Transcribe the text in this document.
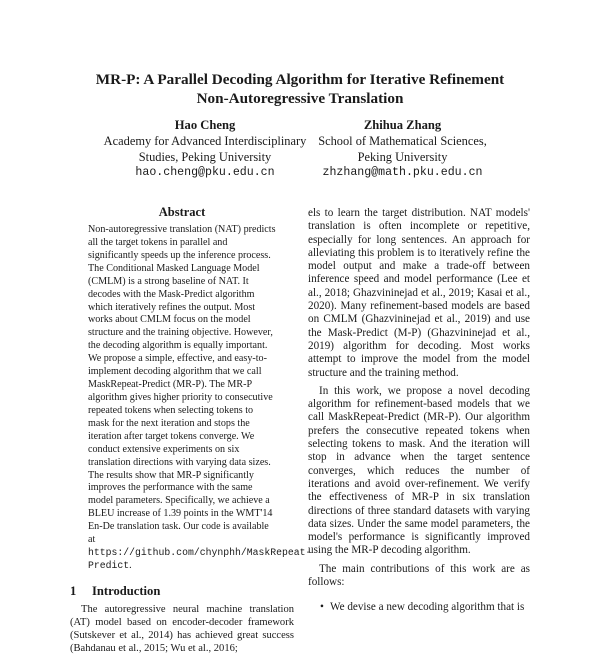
MR-P: A Parallel Decoding Algorithm for Iterative Refinement
Non-Autoregressive Translation
Hao Cheng
Academy for Advanced Interdisciplinary
Studies, Peking University
hao.cheng@pku.edu.cn
Zhihua Zhang
School of Mathematical Sciences,
Peking University
zhzhang@math.pku.edu.cn

Abstract

Non-autoregressive translation (NAT) predicts all the target tokens in parallel and significantly speeds up the inference process. The Conditional Masked Language Model (CMLM) is a strong baseline of NAT. It decodes with the Mask-Predict algorithm which iteratively refines the output. Most works about CMLM focus on the model structure and the training objective. However, the decoding algorithm is equally important. We propose a simple, effective, and easy-to-implement decoding algorithm that we call MaskRepeat-Predict (MR-P). The MR-P algorithm gives higher priority to consecutive repeated tokens when selecting tokens to mask for the next iteration and stops the iteration after target tokens converge. We conduct extensive experiments on six translation directions with varying data sizes. The results show that MR-P significantly improves the performance with the same model parameters. Specifically, we achieve a BLEU increase of 1.39 points in the WMT'14 En-De translation task. Our code is available at https://github.com/chynphh/MaskRepeat-Predict.

1 Introduction

The autoregressive neural machine translation (AT) model based on encoder-decoder framework (Sutskever et al., 2014) has achieved great success (Bahdanau et al., 2015; Wu et al., 2016;

els to learn the target distribution. NAT models' translation is often incomplete or repetitive, especially for long sentences. An approach for alleviating this problem is to iteratively refine the model output and make a trade-off between inference speed and model performance (Lee et al., 2018; Ghazvininejad et al., 2019; Kasai et al., 2020). Many refinement-based models are based on CMLM (Ghazvininejad et al., 2019) and use the Mask-Predict (M-P) (Ghazvininejad et al., 2019) algorithm for decoding. Most works attempt to improve the model from the model structure and the training method.

In this work, we propose a novel decoding algorithm for refinement-based models that we call MaskRepeat-Predict (MR-P). Our algorithm prefers the consecutive repeated tokens when selecting tokens to mask. And the iteration will stop in advance when the target sentence converges, which reduces the number of iterations and avoid over-refinement. We verify the effectiveness of MR-P in six translation directions of three standard datasets with varying data sizes. Under the same model parameters, the model's performance is significantly improved using the MR-P decoding algorithm.

The main contributions of this work are as follows:

• We devise a new decoding algorithm that is
